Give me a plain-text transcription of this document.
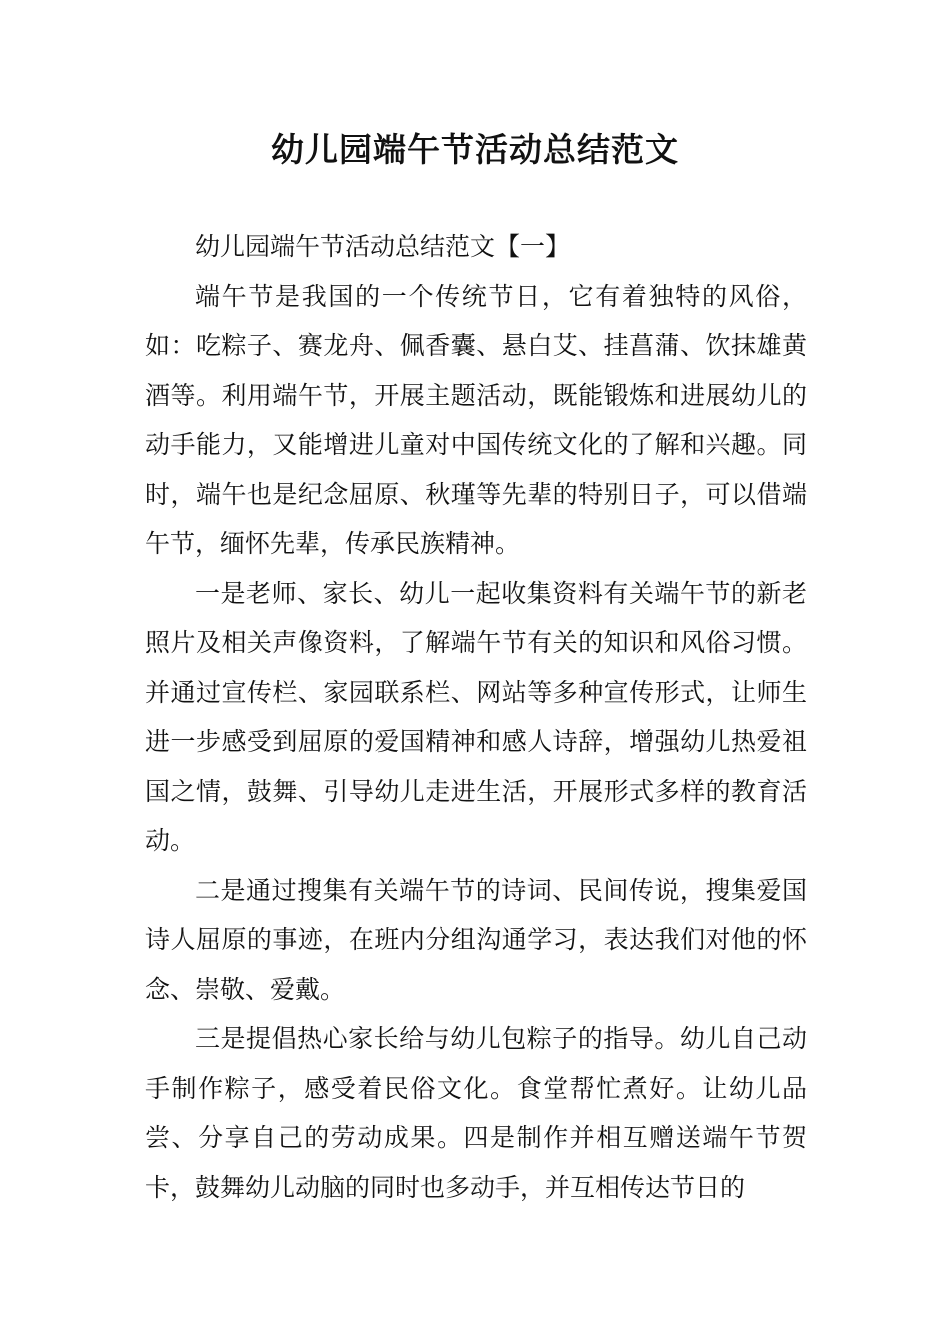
幼儿园端午节活动总结范文

幼儿园端午节活动总结范文【一】

端午节是我国的一个传统节日，它有着独特的风俗，如：吃粽子、赛龙舟、佩香囊、悬白艾、挂菖蒲、饮抹雄黄酒等。利用端午节，开展主题活动，既能锻炼和进展幼儿的动手能力，又能增进儿童对中国传统文化的了解和兴趣。同时，端午也是纪念屈原、秋瑾等先辈的特别日子，可以借端午节，缅怀先辈，传承民族精神。

一是老师、家长、幼儿一起收集资料有关端午节的新老照片及相关声像资料，了解端午节有关的知识和风俗习惯。并通过宣传栏、家园联系栏、网站等多种宣传形式，让师生进一步感受到屈原的爱国精神和感人诗辞，增强幼儿热爱祖国之情，鼓舞、引导幼儿走进生活，开展形式多样的教育活动。

二是通过搜集有关端午节的诗词、民间传说，搜集爱国诗人屈原的事迹，在班内分组沟通学习，表达我们对他的怀念、崇敬、爱戴。

三是提倡热心家长给与幼儿包粽子的指导。幼儿自己动手制作粽子，感受着民俗文化。食堂帮忙煮好。让幼儿品尝、分享自己的劳动成果。四是制作并相互赠送端午节贺卡，鼓舞幼儿动脑的同时也多动手，并互相传达节日的
